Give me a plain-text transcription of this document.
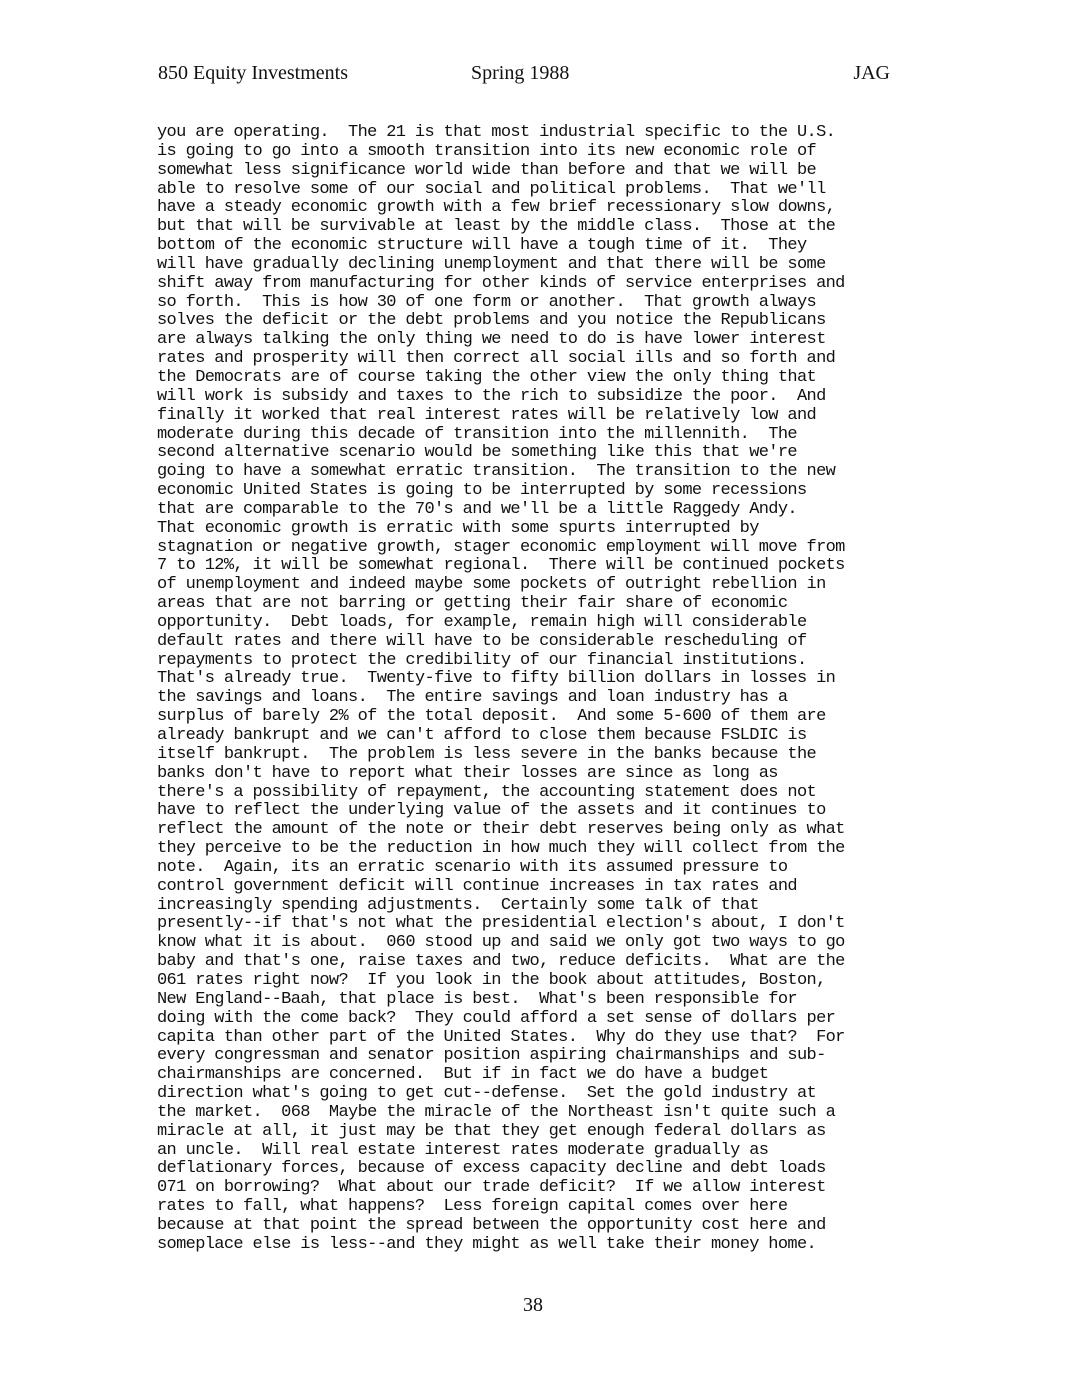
850 Equity Investments	Spring 1988	JAG
you are operating.  The 21 is that most industrial specific to the U.S.
is going to go into a smooth transition into its new economic role of
somewhat less significance world wide than before and that we will be
able to resolve some of our social and political problems.  That we'll
have a steady economic growth with a few brief recessionary slow downs,
but that will be survivable at least by the middle class.  Those at the
bottom of the economic structure will have a tough time of it.  They
will have gradually declining unemployment and that there will be some
shift away from manufacturing for other kinds of service enterprises and
so forth.  This is how 30 of one form or another.  That growth always
solves the deficit or the debt problems and you notice the Republicans
are always talking the only thing we need to do is have lower interest
rates and prosperity will then correct all social ills and so forth and
the Democrats are of course taking the other view the only thing that
will work is subsidy and taxes to the rich to subsidize the poor.  And
finally it worked that real interest rates will be relatively low and
moderate during this decade of transition into the millennith.  The
second alternative scenario would be something like this that we're
going to have a somewhat erratic transition.  The transition to the new
economic United States is going to be interrupted by some recessions
that are comparable to the 70's and we'll be a little Raggedy Andy.
That economic growth is erratic with some spurts interrupted by
stagnation or negative growth, stager economic employment will move from
7 to 12%, it will be somewhat regional.  There will be continued pockets
of unemployment and indeed maybe some pockets of outright rebellion in
areas that are not barring or getting their fair share of economic
opportunity.  Debt loads, for example, remain high will considerable
default rates and there will have to be considerable rescheduling of
repayments to protect the credibility of our financial institutions.
That's already true.  Twenty-five to fifty billion dollars in losses in
the savings and loans.  The entire savings and loan industry has a
surplus of barely 2% of the total deposit.  And some 5-600 of them are
already bankrupt and we can't afford to close them because FSLDIC is
itself bankrupt.  The problem is less severe in the banks because the
banks don't have to report what their losses are since as long as
there's a possibility of repayment, the accounting statement does not
have to reflect the underlying value of the assets and it continues to
reflect the amount of the note or their debt reserves being only as what
they perceive to be the reduction in how much they will collect from the
note.  Again, its an erratic scenario with its assumed pressure to
control government deficit will continue increases in tax rates and
increasingly spending adjustments.  Certainly some talk of that
presently--if that's not what the presidential election's about, I don't
know what it is about.  060 stood up and said we only got two ways to go
baby and that's one, raise taxes and two, reduce deficits.  What are the
061 rates right now?  If you look in the book about attitudes, Boston,
New England--Baah, that place is best.  What's been responsible for
doing with the come back?  They could afford a set sense of dollars per
capita than other part of the United States.  Why do they use that?  For
every congressman and senator position aspiring chairmanships and sub-
chairmanships are concerned.  But if in fact we do have a budget
direction what's going to get cut--defense.  Set the gold industry at
the market.  068  Maybe the miracle of the Northeast isn't quite such a
miracle at all, it just may be that they get enough federal dollars as
an uncle.  Will real estate interest rates moderate gradually as
deflationary forces, because of excess capacity decline and debt loads
071 on borrowing?  What about our trade deficit?  If we allow interest
rates to fall, what happens?  Less foreign capital comes over here
because at that point the spread between the opportunity cost here and
someplace else is less--and they might as well take their money home.
38
